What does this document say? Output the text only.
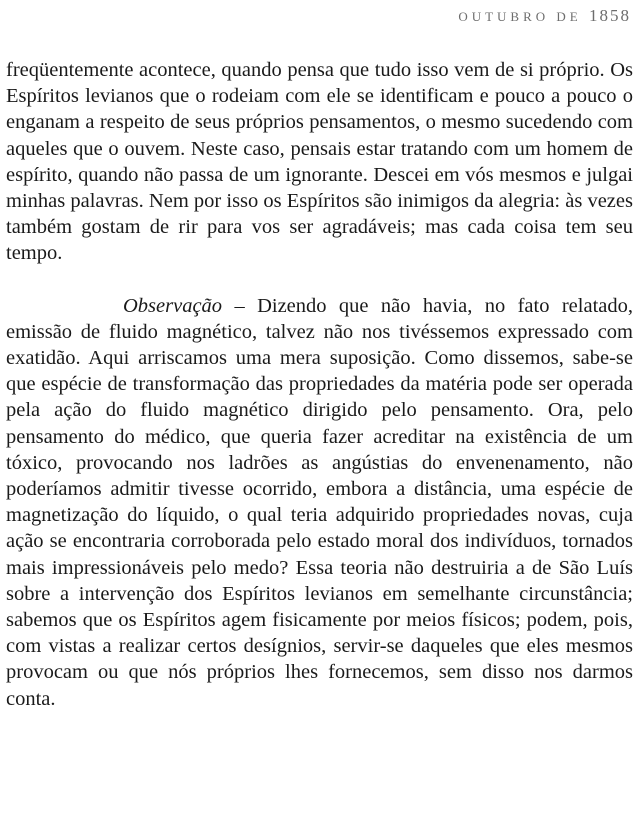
OUTUBRO DE 1858

freqüentemente acontece, quando pensa que tudo isso vem de si próprio. Os Espíritos levianos que o rodeiam com ele se identificam e pouco a pouco o enganam a respeito de seus próprios pensamentos, o mesmo sucedendo com aqueles que o ouvem. Neste caso, pensais estar tratando com um homem de espírito, quando não passa de um ignorante. Descei em vós mesmos e julgai minhas palavras. Nem por isso os Espíritos são inimigos da alegria: às vezes também gostam de rir para vos ser agradáveis; mas cada coisa tem seu tempo.

Observação – Dizendo que não havia, no fato relatado, emissão de fluido magnético, talvez não nos tivéssemos expressado com exatidão. Aqui arriscamos uma mera suposição. Como dissemos, sabe-se que espécie de transformação das propriedades da matéria pode ser operada pela ação do fluido magnético dirigido pelo pensamento. Ora, pelo pensamento do médico, que queria fazer acreditar na existência de um tóxico, provocando nos ladrões as angústias do envenenamento, não poderíamos admitir tivesse ocorrido, embora a distância, uma espécie de magnetização do líquido, o qual teria adquirido propriedades novas, cuja ação se encontraria corroborada pelo estado moral dos indivíduos, tornados mais impressionáveis pelo medo? Essa teoria não destruiria a de São Luís sobre a intervenção dos Espíritos levianos em semelhante circunstância; sabemos que os Espíritos agem fisicamente por meios físicos; podem, pois, com vistas a realizar certos desígnios, servir-se daqueles que eles mesmos provocam ou que nós próprios lhes fornecemos, sem disso nos darmos conta.
